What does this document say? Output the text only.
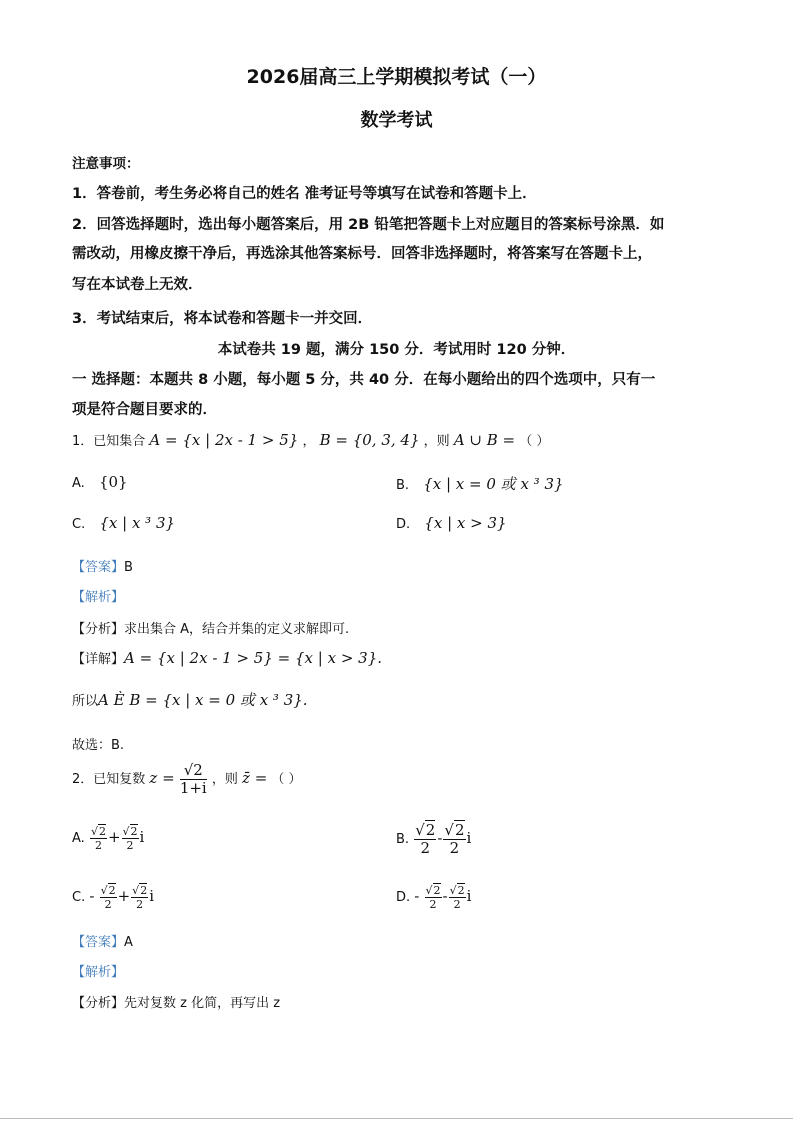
2026届高三上学期模拟考试（一）
数学考试
注意事项：
1．答卷前，考生务必将自己的姓名 准考证号等填写在试卷和答题卡上．
2．回答选择题时，选出每小题答案后，用 2B 铅笔把答题卡上对应题目的答案标号涂黑．如
需改动，用橡皮擦干净后，再选涂其他答案标号．回答非选择题时，将答案写在答题卡上，
写在本试卷上无效．
3．考试结束后，将本试卷和答题卡一并交回．
本试卷共 19 题，满分 150 分．考试用时 120 分钟．
一 选择题：本题共 8 小题，每小题 5 分，共 40 分．在每小题给出的四个选项中，只有一
项是符合题目要求的．
1．已知集合 A = {x | 2x - 1 > 5} ， B = {0, 3, 4} ，则 A ∪ B = （ ）
A. {0}	B. {x | x = 0 或 x ³ 3}
C. {x | x ³ 3}	D. {x | x > 3}
【答案】B
【解析】
【分析】求出集合 A，结合并集的定义求解即可.
【详解】A = {x | 2x - 1 > 5} = {x | x > 3}.
所以A È B = {x | x = 0 或 x ³ 3}.
故选：B.
2．已知复数 $z = \frac{√2}{1+i}$ ，则 z̄ = （ ）
A. $\frac{√2}{2} + \frac{√2}{2}$ i	B. $\frac{√2}{2} - \frac{√2}{2}$ i
C. - $\frac{√2}{2} + \frac{√2}{2}$ i	D. - $\frac{√2}{2} - \frac{√2}{2}$ i
【答案】A
【解析】
【分析】先对复数 z 化简，再写出 z
